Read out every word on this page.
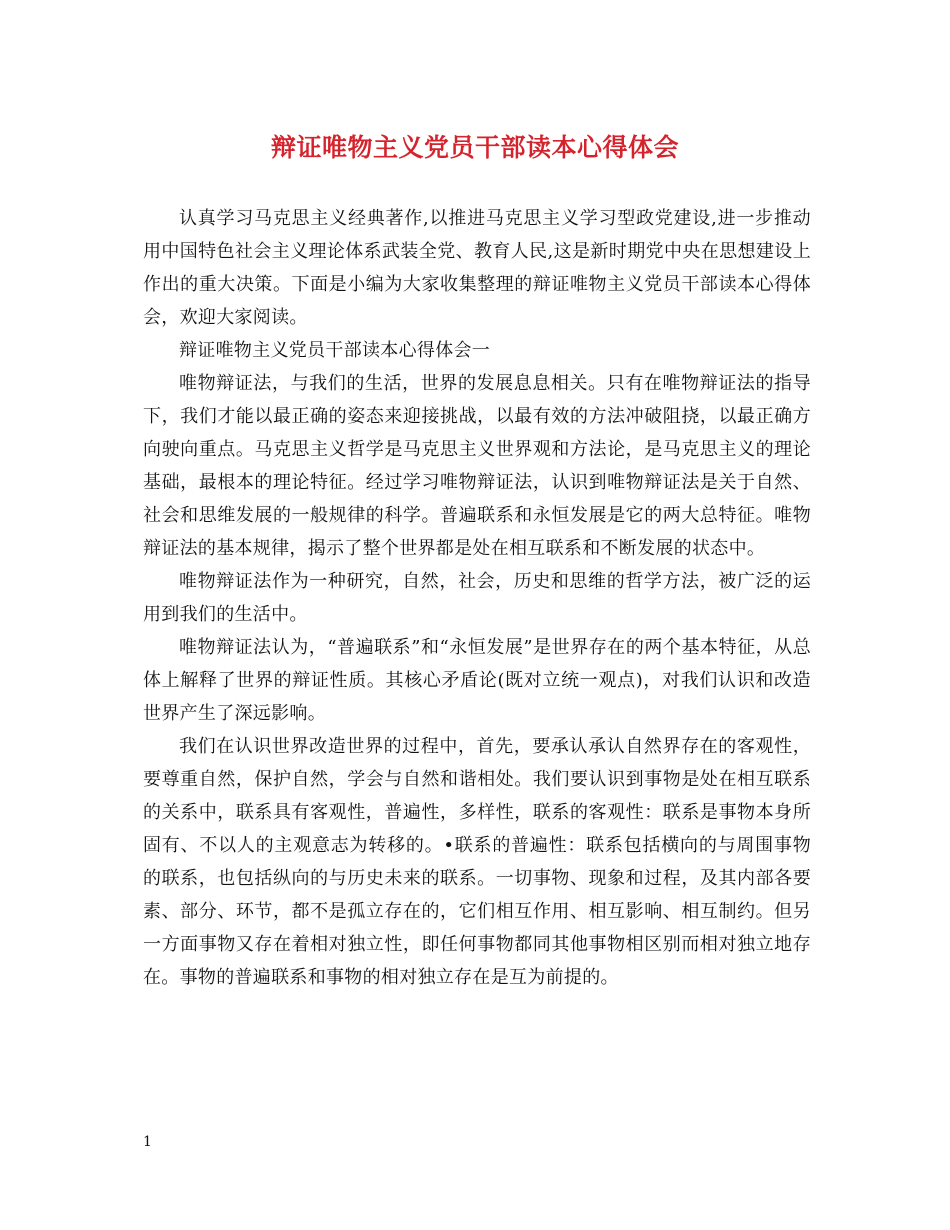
辩证唯物主义党员干部读本心得体会

认真学习马克思主义经典著作,以推进马克思主义学习型政党建设,进一步推动用中国特色社会主义理论体系武装全党、教育人民,这是新时期党中央在思想建设上作出的重大决策。下面是小编为大家收集整理的辩证唯物主义党员干部读本心得体会，欢迎大家阅读。

辩证唯物主义党员干部读本心得体会一

唯物辩证法，与我们的生活，世界的发展息息相关。只有在唯物辩证法的指导下，我们才能以最正确的姿态来迎接挑战，以最有效的方法冲破阻挠，以最正确方向驶向重点。马克思主义哲学是马克思主义世界观和方法论，是马克思主义的理论基础，最根本的理论特征。经过学习唯物辩证法，认识到唯物辩证法是关于自然、社会和思维发展的一般规律的科学。普遍联系和永恒发展是它的两大总特征。唯物辩证法的基本规律，揭示了整个世界都是处在相互联系和不断发展的状态中。

唯物辩证法作为一种研究，自然，社会，历史和思维的哲学方法，被广泛的运用到我们的生活中。

唯物辩证法认为，“普遍联系”和“永恒发展”是世界存在的两个基本特征，从总体上解释了世界的辩证性质。其核心矛盾论(既对立统一观点)，对我们认识和改造世界产生了深远影响。

我们在认识世界改造世界的过程中，首先，要承认承认自然界存在的客观性，要尊重自然，保护自然，学会与自然和谐相处。我们要认识到事物是处在相互联系的关系中，联系具有客观性，普遍性，多样性，联系的客观性：联系是事物本身所固有、不以人的主观意志为转移的。•联系的普遍性：联系包括横向的与周围事物的联系，也包括纵向的与历史未来的联系。一切事物、现象和过程，及其内部各要素、部分、环节，都不是孤立存在的，它们相互作用、相互影响、相互制约。但另一方面事物又存在着相对独立性，即任何事物都同其他事物相区别而相对独立地存在。事物的普遍联系和事物的相对独立存在是互为前提的。

1
